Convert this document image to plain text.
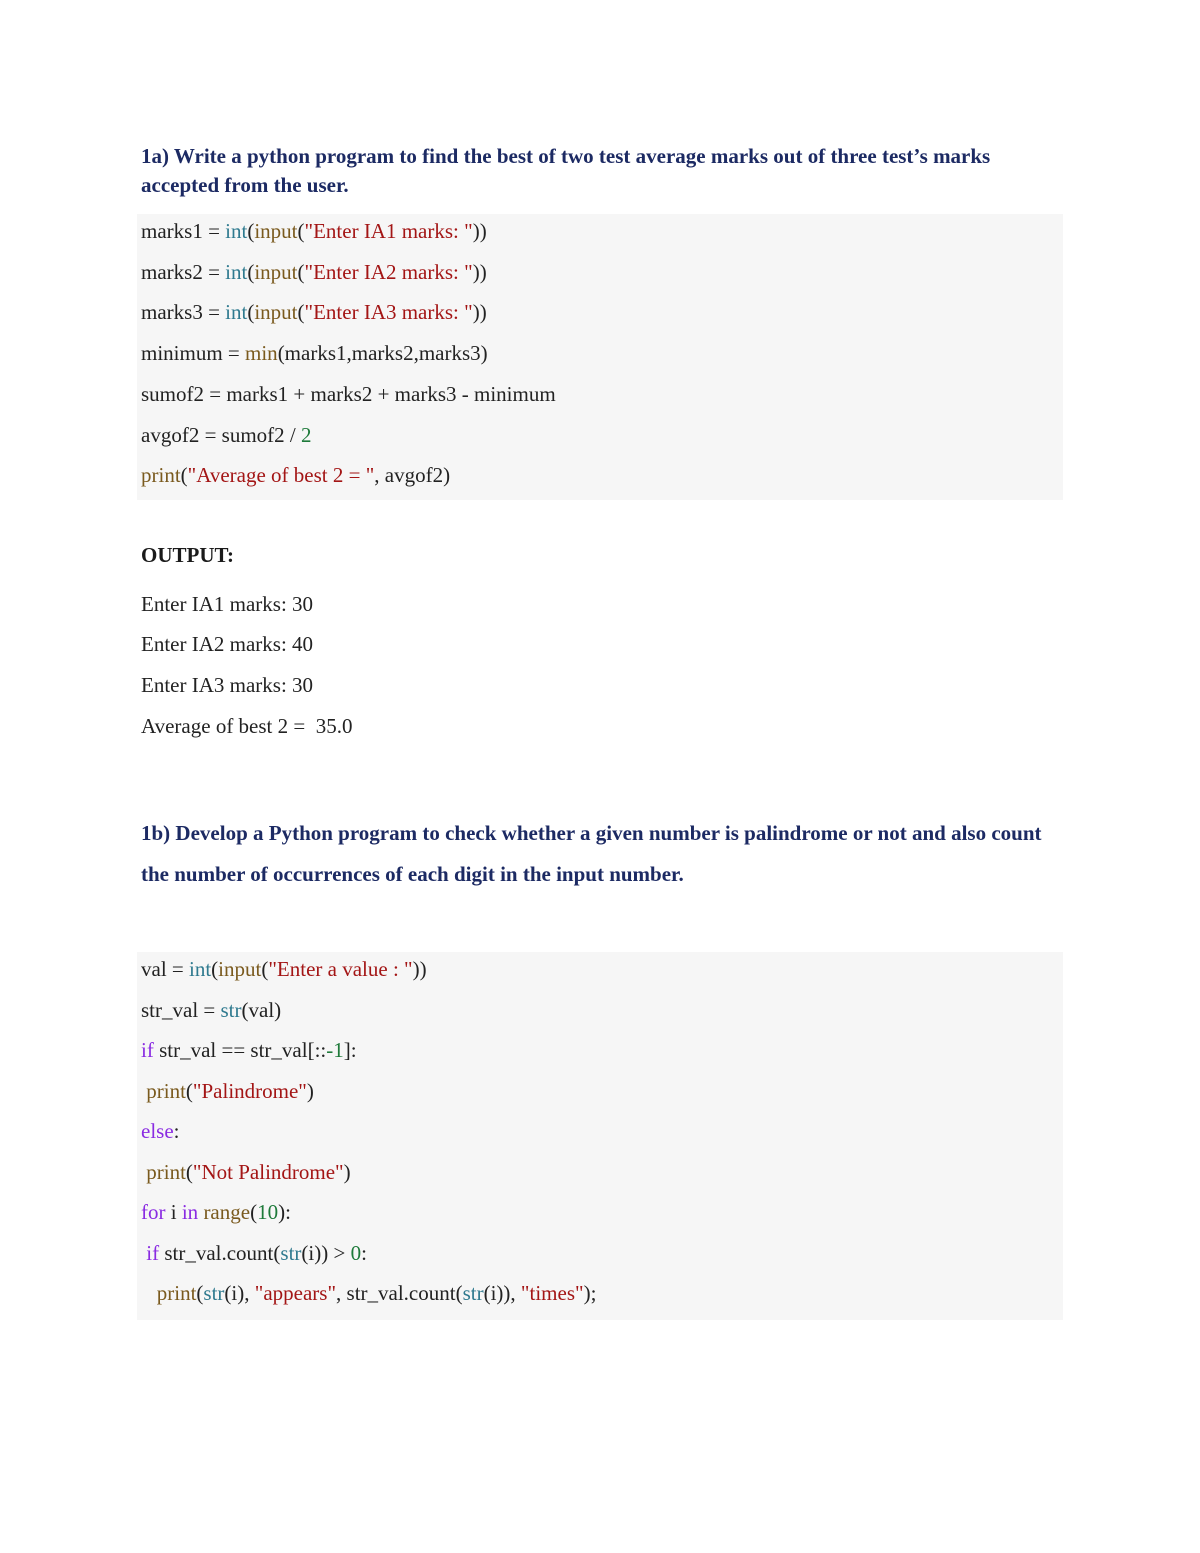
1a) Write a python program to find the best of two test average marks out of three test’s marks accepted from the user.
marks1 = int(input("Enter IA1 marks: "))
marks2 = int(input("Enter IA2 marks: "))
marks3 = int(input("Enter IA3 marks: "))
minimum = min(marks1,marks2,marks3)
sumof2 = marks1 + marks2 + marks3 - minimum
avgof2 = sumof2 / 2
print("Average of best 2 = ", avgof2)
OUTPUT:
Enter IA1 marks: 30
Enter IA2 marks: 40
Enter IA3 marks: 30
Average of best 2 =  35.0
1b) Develop a Python program to check whether a given number is palindrome or not and also count the number of occurrences of each digit in the input number.
val = int(input("Enter a value : "))
str_val = str(val)
if str_val == str_val[::-1]:
print("Palindrome")
else:
print("Not Palindrome")
for i in range(10):
if str_val.count(str(i)) > 0:
print(str(i), "appears", str_val.count(str(i)), "times");
